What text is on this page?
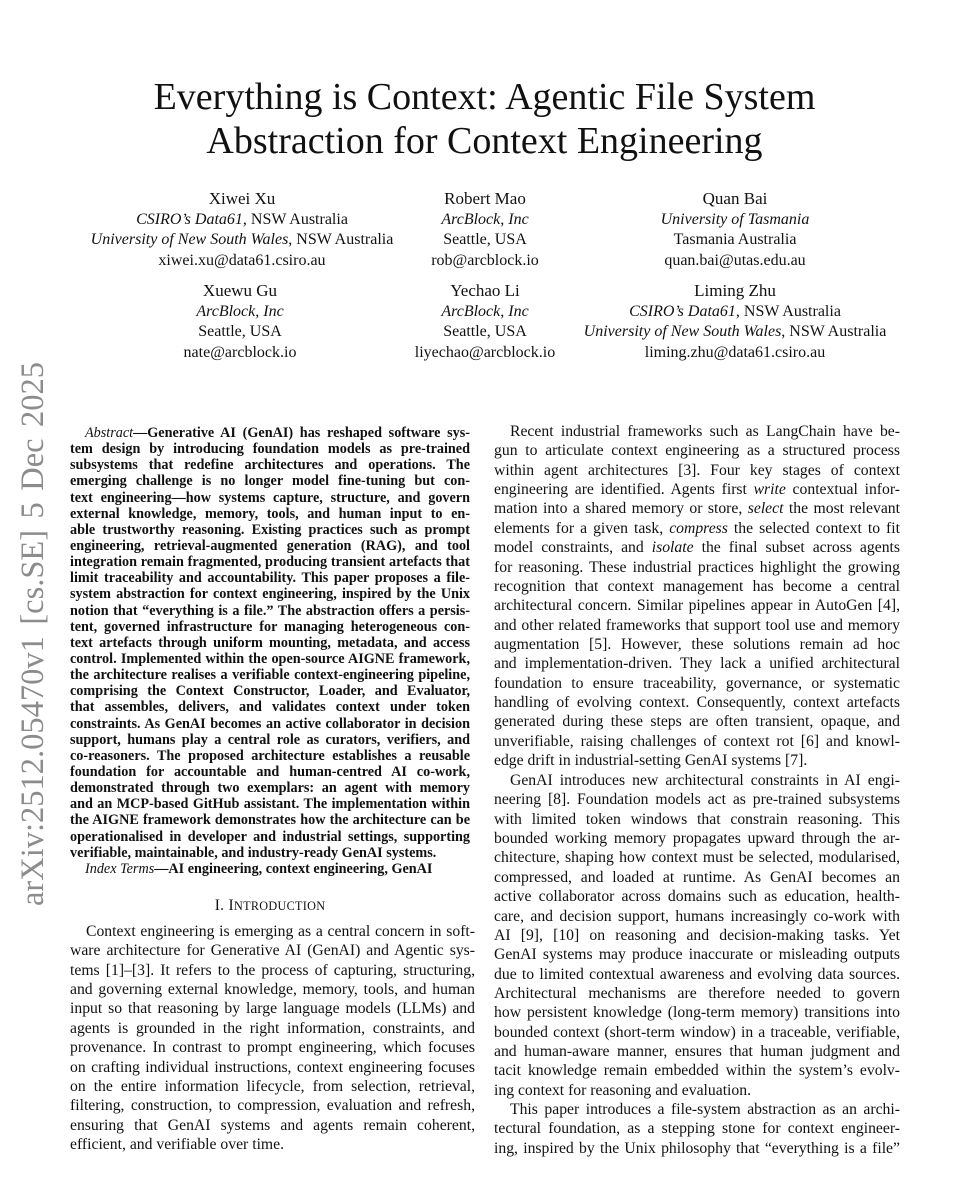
Everything is Context: Agentic File System
Abstraction for Context Engineering
Xiwei Xu
CSIRO’s Data61, NSW Australia
University of New South Wales, NSW Australia
xiwei.xu@data61.csiro.au
Robert Mao
ArcBlock, Inc
Seattle, USA
rob@arcblock.io
Quan Bai
University of Tasmania
Tasmania Australia
quan.bai@utas.edu.au
Xuewu Gu
ArcBlock, Inc
Seattle, USA
nate@arcblock.io
Yechao Li
ArcBlock, Inc
Seattle, USA
liyechao@arcblock.io
Liming Zhu
CSIRO’s Data61, NSW Australia
University of New South Wales, NSW Australia
liming.zhu@data61.csiro.au
arXiv:2512.05470v1 [cs.SE] 5 Dec 2025	Abstract—Generative AI (GenAI) has reshaped software sys-
tem design by introducing foundation models as pre-trained
subsystems that redefine architectures and operations. The
emerging challenge is no longer model fine-tuning but con-
text engineering—how systems capture, structure, and govern
external knowledge, memory, tools, and human input to en-
able trustworthy reasoning. Existing practices such as prompt
engineering, retrieval-augmented generation (RAG), and tool
integration remain fragmented, producing transient artefacts that
limit traceability and accountability. This paper proposes a file-
system abstraction for context engineering, inspired by the Unix
notion that “everything is a file.” The abstraction offers a persis-
tent, governed infrastructure for managing heterogeneous con-
text artefacts through uniform mounting, metadata, and access
control. Implemented within the open-source AIGNE framework,
the architecture realises a verifiable context-engineering pipeline,
comprising the Context Constructor, Loader, and Evaluator,
that assembles, delivers, and validates context under token
constraints. As GenAI becomes an active collaborator in decision
support, humans play a central role as curators, verifiers, and
co-reasoners. The proposed architecture establishes a reusable
foundation for accountable and human-centred AI co-work,
demonstrated through two exemplars: an agent with memory
and an MCP-based GitHub assistant. The implementation within
the AIGNE framework demonstrates how the architecture can be
operationalised in developer and industrial settings, supporting
verifiable, maintainable, and industry-ready GenAI systems.
Index Terms—AI engineering, context engineering, GenAI
I. INTRODUCTION
Context engineering is emerging as a central concern in soft-
ware architecture for Generative AI (GenAI) and Agentic sys-
tems [1]–[3]. It refers to the process of capturing, structuring,
and governing external knowledge, memory, tools, and human
input so that reasoning by large language models (LLMs) and
agents is grounded in the right information, constraints, and
provenance. In contrast to prompt engineering, which focuses
on crafting individual instructions, context engineering focuses
on the entire information lifecycle, from selection, retrieval,
filtering, construction, to compression, evaluation and refresh,
ensuring that GenAI systems and agents remain coherent,
efficient, and verifiable over time.
Recent industrial frameworks such as LangChain have be-
gun to articulate context engineering as a structured process
within agent architectures [3]. Four key stages of context
engineering are identified. Agents first write contextual infor-
mation into a shared memory or store, select the most relevant
elements for a given task, compress the selected context to fit
model constraints, and isolate the final subset across agents
for reasoning. These industrial practices highlight the growing
recognition that context management has become a central
architectural concern. Similar pipelines appear in AutoGen [4],
and other related frameworks that support tool use and memory
augmentation [5]. However, these solutions remain ad hoc
and implementation-driven. They lack a unified architectural
foundation to ensure traceability, governance, or systematic
handling of evolving context. Consequently, context artefacts
generated during these steps are often transient, opaque, and
unverifiable, raising challenges of context rot [6] and knowl-
edge drift in industrial-setting GenAI systems [7].
GenAI introduces new architectural constraints in AI engi-
neering [8]. Foundation models act as pre-trained subsystems
with limited token windows that constrain reasoning. This
bounded working memory propagates upward through the ar-
chitecture, shaping how context must be selected, modularised,
compressed, and loaded at runtime. As GenAI becomes an
active collaborator across domains such as education, health-
care, and decision support, humans increasingly co-work with
AI [9], [10] on reasoning and decision-making tasks. Yet
GenAI systems may produce inaccurate or misleading outputs
due to limited contextual awareness and evolving data sources.
Architectural mechanisms are therefore needed to govern
how persistent knowledge (long-term memory) transitions into
bounded context (short-term window) in a traceable, verifiable,
and human-aware manner, ensures that human judgment and
tacit knowledge remain embedded within the system’s evolv-
ing context for reasoning and evaluation.
This paper introduces a file-system abstraction as an archi-
tectural foundation, as a stepping stone for context engineer-
ing, inspired by the Unix philosophy that “everything is a file”
